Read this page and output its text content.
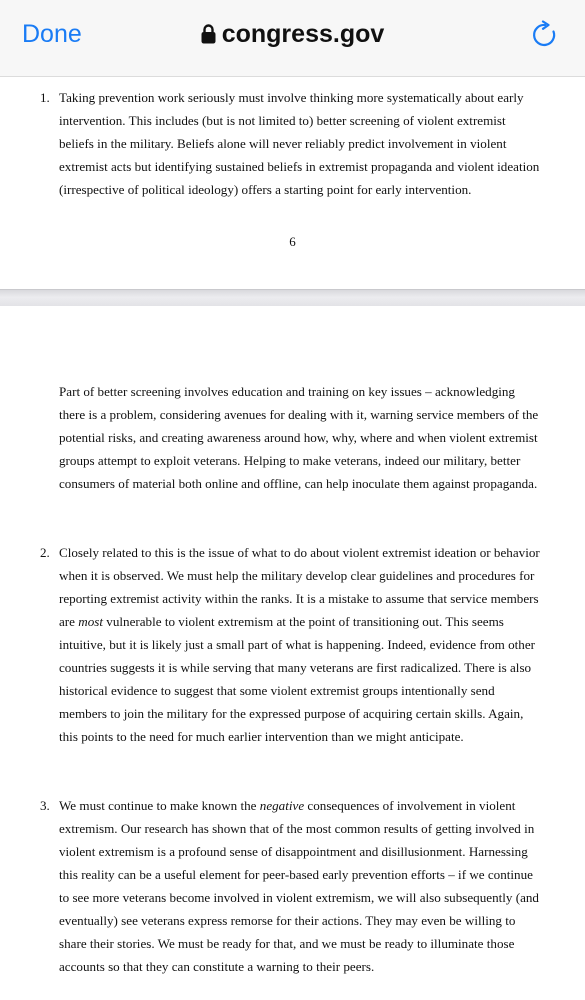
Done	congress.gov
1. Taking prevention work seriously must involve thinking more systematically about early intervention. This includes (but is not limited to) better screening of violent extremist beliefs in the military. Beliefs alone will never reliably predict involvement in violent extremist acts but identifying sustained beliefs in extremist propaganda and violent ideation (irrespective of political ideology) offers a starting point for early intervention.
6
Part of better screening involves education and training on key issues – acknowledging there is a problem, considering avenues for dealing with it, warning service members of the potential risks, and creating awareness around how, why, where and when violent extremist groups attempt to exploit veterans. Helping to make veterans, indeed our military, better consumers of material both online and offline, can help inoculate them against propaganda.
2. Closely related to this is the issue of what to do about violent extremist ideation or behavior when it is observed. We must help the military develop clear guidelines and procedures for reporting extremist activity within the ranks. It is a mistake to assume that service members are most vulnerable to violent extremism at the point of transitioning out. This seems intuitive, but it is likely just a small part of what is happening. Indeed, evidence from other countries suggests it is while serving that many veterans are first radicalized. There is also historical evidence to suggest that some violent extremist groups intentionally send members to join the military for the expressed purpose of acquiring certain skills. Again, this points to the need for much earlier intervention than we might anticipate.
3. We must continue to make known the negative consequences of involvement in violent extremism. Our research has shown that of the most common results of getting involved in violent extremism is a profound sense of disappointment and disillusionment. Harnessing this reality can be a useful element for peer-based early prevention efforts – if we continue to see more veterans become involved in violent extremism, we will also subsequently (and eventually) see veterans express remorse for their actions. They may even be willing to share their stories. We must be ready for that, and we must be ready to illuminate those accounts so that they can constitute a warning to their peers.
